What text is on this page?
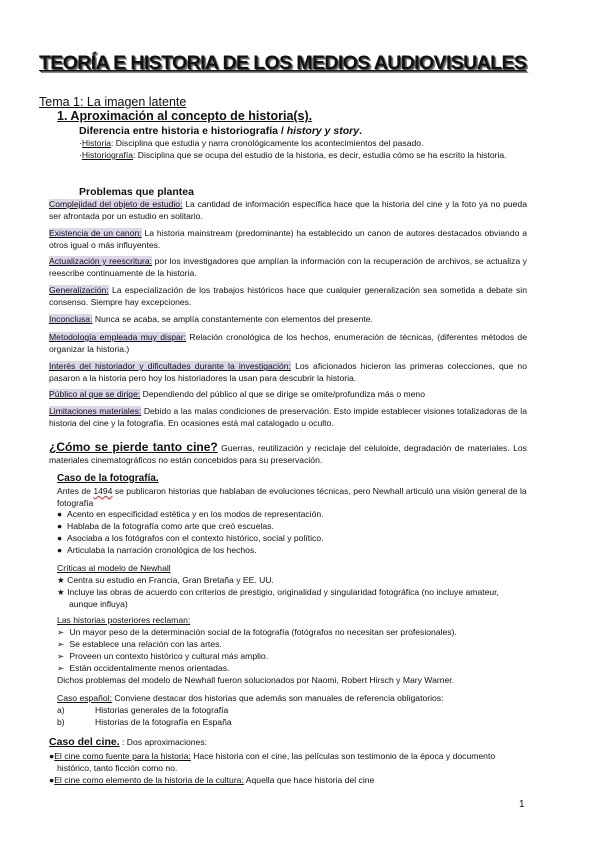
TEORÍA E HISTORIA DE LOS MEDIOS AUDIOVISUALES
Tema 1: La imagen latente
1. Aproximación al concepto de historia(s).
Diferencia entre historia e historiografía / history y story.
·Historia: Disciplina que estudia y narra cronológicamente los acontecimientos del pasado.
·Historiografía: Disciplina que se ocupa del estudio de la historia, es decir, estudia cómo se ha escrito la historia.
Problemas que plantea
Complejidad del objeto de estudio: La cantidad de información específica hace que la historia del cine y la foto ya no pueda ser afrontada por un estudio en solitario.
Existencia de un canon: La historia mainstream (predominante) ha establecido un canon de autores destacados obviando a otros igual o más influyentes.
Actualización y reescritura: por los investigadores que amplían la información con la recuperación de archivos, se actualiza y reescribe continuamente de la historia.
Generalización: La especialización de los trabajos históricos hace que cualquier generalización sea sometida a debate sin consenso. Siempre hay excepciones.
Inconclusa: Nunca se acaba, se amplía constantemente con elementos del presente.
Metodología empleada muy dispar: Relación cronológica de los hechos, enumeración de técnicas, (diferentes métodos de organizar la historia.)
Interés del historiador y dificultades durante la investigación: Los aficionados hicieron las primeras colecciones, que no pasaron a la historia pero hoy los historiadores la usan para descubrir la historia.
Público al que se dirige: Dependiendo del público al que se dirige se omite/profundiza más o meno
Limitaciones materiales: Debido a las malas condiciones de preservación. Esto impide establecer visiones totalizadoras de la historia del cine y la fotografía. En ocasiones está mal catalogado u oculto.
¿Cómo se pierde tanto cine? Guerras, reutilización y reciclaje del celuloide, degradación de materiales. Los materiales cinematográficos no están concebidos para su preservación.
Caso de la fotografía.
Antes de 1494 se publicaron historias que hablaban de evoluciones técnicas, pero Newhall articuló una visión general de la fotografía
● Acento en especificidad estética y en los modos de representación.
● Hablaba de la fotografía como arte que creó escuelas.
● Asociaba a los fotógrafos con el contexto histórico, social y político.
● Articulaba la narración cronológica de los hechos.
Críticas al modelo de Newhall
★ Centra su estudio en Francia, Gran Bretaña y EE. UU.
★ Incluye las obras de acuerdo con criterios de prestigio, originalidad y singularidad fotográfica (no incluye amateur, aunque influya)
Las historias posteriores reclaman:
➢ Un mayor peso de la determinación social de la fotografía (fotógrafos no necesitan ser profesionales).
➢ Se establece una relación con las artes.
➢ Proveen un contexto histórico y cultural más amplio.
➢ Están occidentalmente menos orientadas.
Dichos problemas del modelo de Newhall fueron solucionados por Naomi, Robert Hirsch y Mary Warner.
Caso español: Conviene destacar dos historias que además son manuales de referencia obligatorios:
a)	Historias generales de la fotografía
b)	Historias de la fotografía en España
Caso del cine. : Dos aproximaciones:
●El cine como fuente para la historia: Hace historia con el cine, las películas son testimonio de la época y documento histórico, tanto ficción como no.
●El cine como elemento de la historia de la cultura: Aquella que hace historia del cine
1
